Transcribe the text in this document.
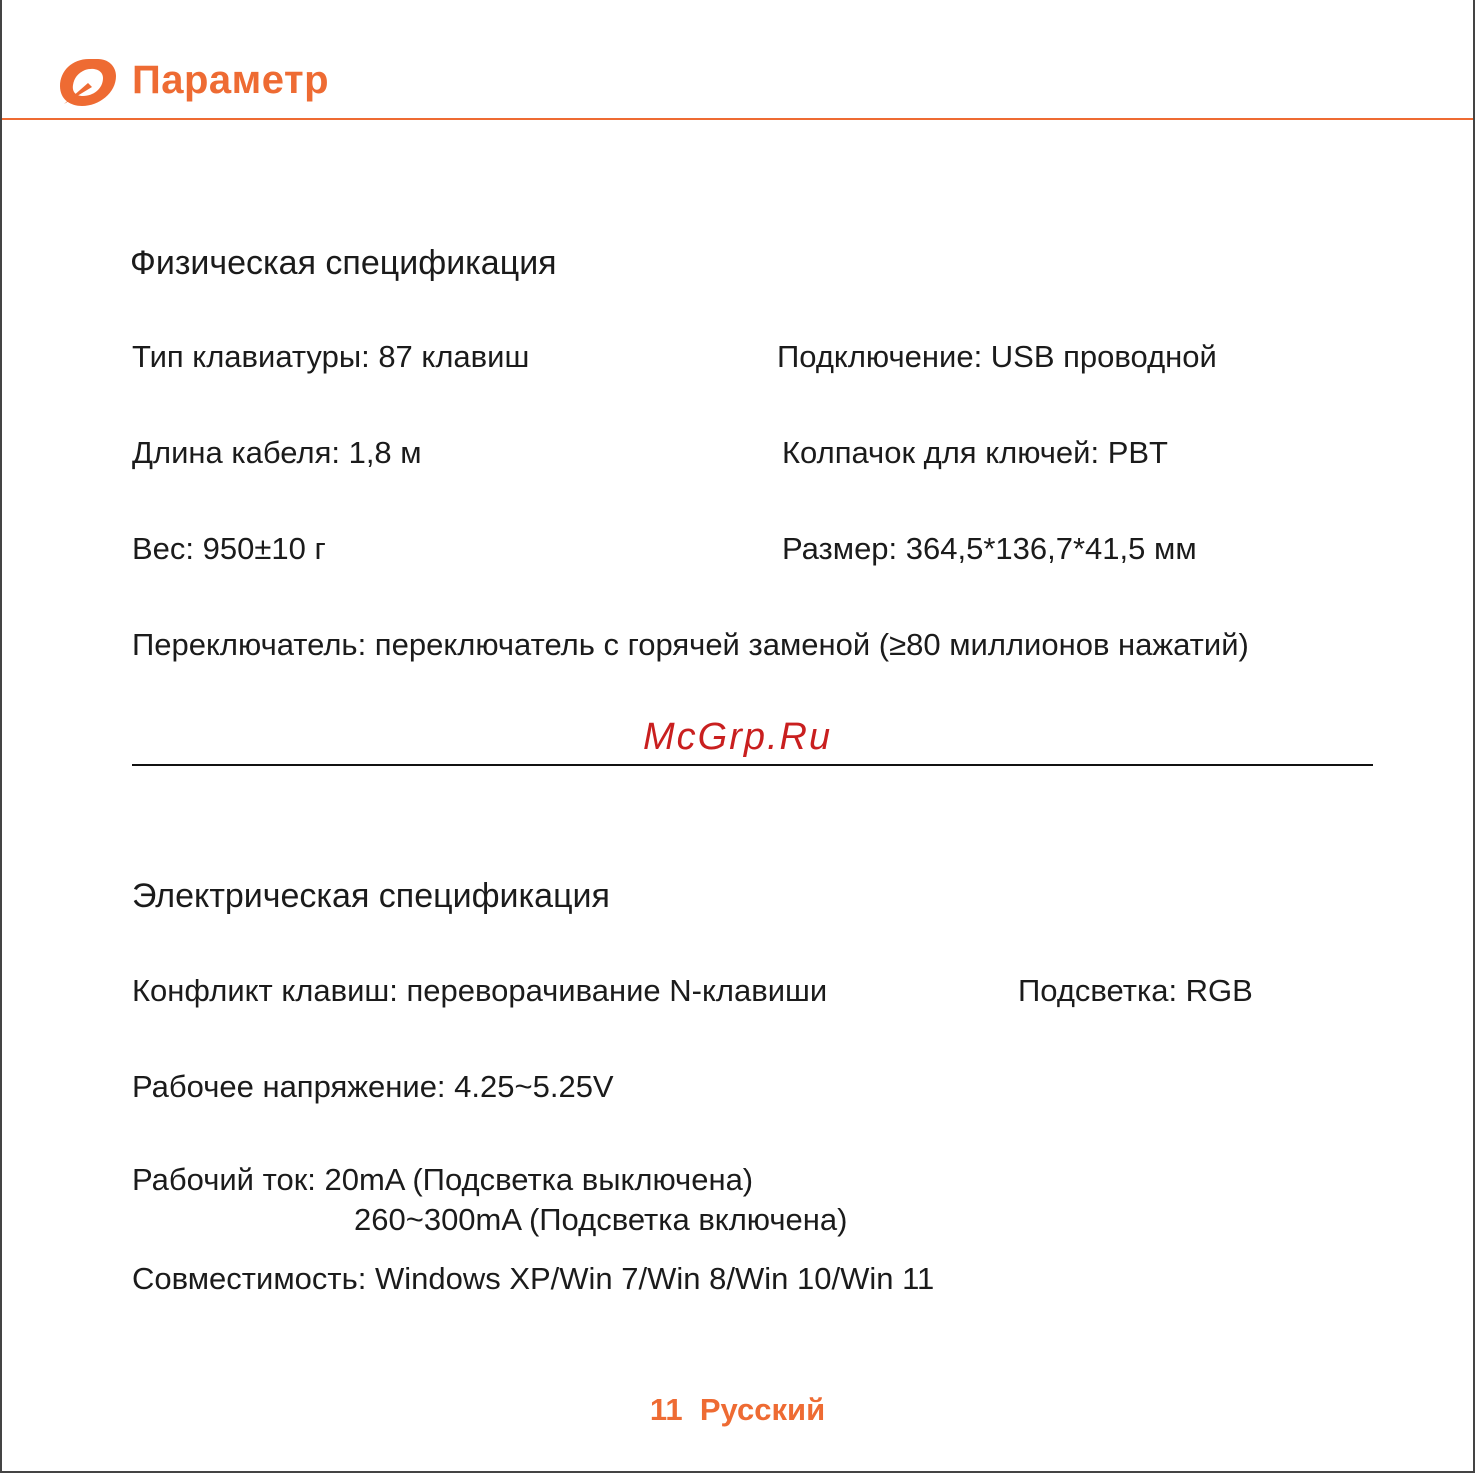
Параметр
Физическая спецификация
Тип клавиатуры: 87 клавиш	Подключение: USB проводной
Длина кабеля: 1,8 м	Колпачок для ключей: PBT
Вес: 950±10 г	Размер: 364,5*136,7*41,5 мм
Переключатель: переключатель с горячей заменой (≥80 миллионов нажатий)
McGrp.Ru
Электрическая спецификация
Конфликт клавиш: переворачивание N-клавиши	Подсветка: RGB
Рабочее напряжение: 4.25~5.25V
Рабочий ток: 20mA (Подсветка выключена)
260~300mA (Подсветка включена)
Совместимость: Windows XP/Win 7/Win 8/Win 10/Win 11
11 Русский
